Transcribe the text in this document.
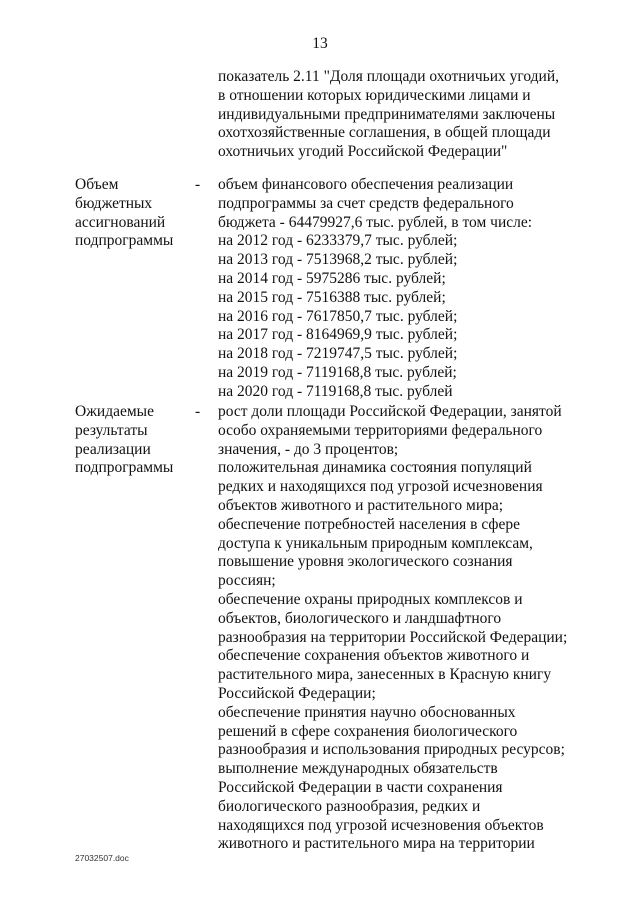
13
показатель 2.11 "Доля площади охотничьих угодий,
в отношении которых юридическими лицами и
индивидуальными предпринимателями заключены
охотхозяйственные соглашения, в общей площади
охотничьих угодий Российской Федерации"
Объем
бюджетных
ассигнований
подпрограммы
- объем финансового обеспечения реализации
подпрограммы за счет средств федерального
бюджета - 64479927,6 тыс. рублей, в том числе:
на 2012 год - 6233379,7 тыс. рублей;
на 2013 год - 7513968,2 тыс. рублей;
на 2014 год - 5975286 тыс. рублей;
на 2015 год - 7516388 тыс. рублей;
на 2016 год - 7617850,7 тыс. рублей;
на 2017 год - 8164969,9 тыс. рублей;
на 2018 год - 7219747,5 тыс. рублей;
на 2019 год - 7119168,8 тыс. рублей;
на 2020 год - 7119168,8 тыс. рублей
Ожидаемые
результаты
реализации
подпрограммы
- рост доли площади Российской Федерации, занятой
особо охраняемыми территориями федерального
значения, - до 3 процентов;
положительная динамика состояния популяций
редких и находящихся под угрозой исчезновения
объектов животного и растительного мира;
обеспечение потребностей населения в сфере
доступа к уникальным природным комплексам,
повышение уровня экологического сознания
россиян;
обеспечение охраны природных комплексов и
объектов, биологического и ландшафтного
разнообразия на территории Российской Федерации;
обеспечение сохранения объектов животного и
растительного мира, занесенных в Красную книгу
Российской Федерации;
обеспечение принятия научно обоснованных
решений в сфере сохранения биологического
разнообразия и использования природных ресурсов;
выполнение международных обязательств
Российской Федерации в части сохранения
биологического разнообразия, редких и
находящихся под угрозой исчезновения объектов
животного и растительного мира на территории
27032507.doc
